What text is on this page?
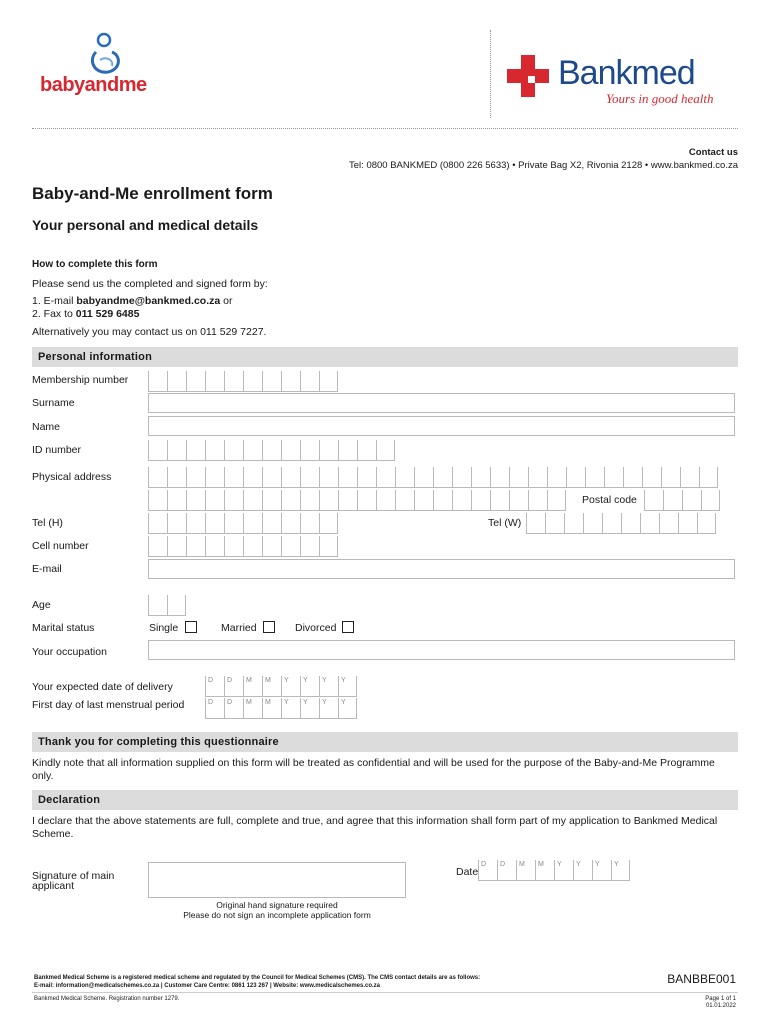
babyandme	Bankmed
Yours in good health
Contact us
Tel: 0800 BANKMED (0800 226 5633) • Private Bag X2, Rivonia 2128 • www.bankmed.co.za
Baby-and-Me enrollment form
Your personal and medical details
How to complete this form
Please send us the completed and signed form by:
1. E-mail babyandme@bankmed.co.za or
2. Fax to 011 529 6485
Alternatively you may contact us on 011 529 7227.
Personal information
Membership number
Surname
Name
ID number
Physical address
Postal code
Tel (H)	Tel (W)
Cell number
E-mail
Age
Marital status	Single	Married	Divorced
Your occupation
Your expected date of delivery
D D M M Y Y Y Y
First day of last menstrual period	D D M M Y Y Y Y
Thank you for completing this questionnaire
Kindly note that all information supplied on this form will be treated as confidential and will be used for the purpose of the Baby-and-Me Programme only.
Declaration
I declare that the above statements are full, complete and true, and agree that this information shall form part of my application to Bankmed Medical Scheme.
Signature of main
applicant
Date
D D M M Y Y Y Y
Original hand signature required
Please do not sign an incomplete application form
Bankmed Medical Scheme is a registered medical scheme and regulated by the Council for Medical Schemes (CMS). The CMS contact details are as follows:
E-mail: information@medicalschemes.co.za | Customer Care Centre: 0861 123 267 | Website: www.medicalschemes.co.za
Bankmed Medical Scheme. Registration number 1279.
BANBBE001
Page 1 of 1
01.01.2022
